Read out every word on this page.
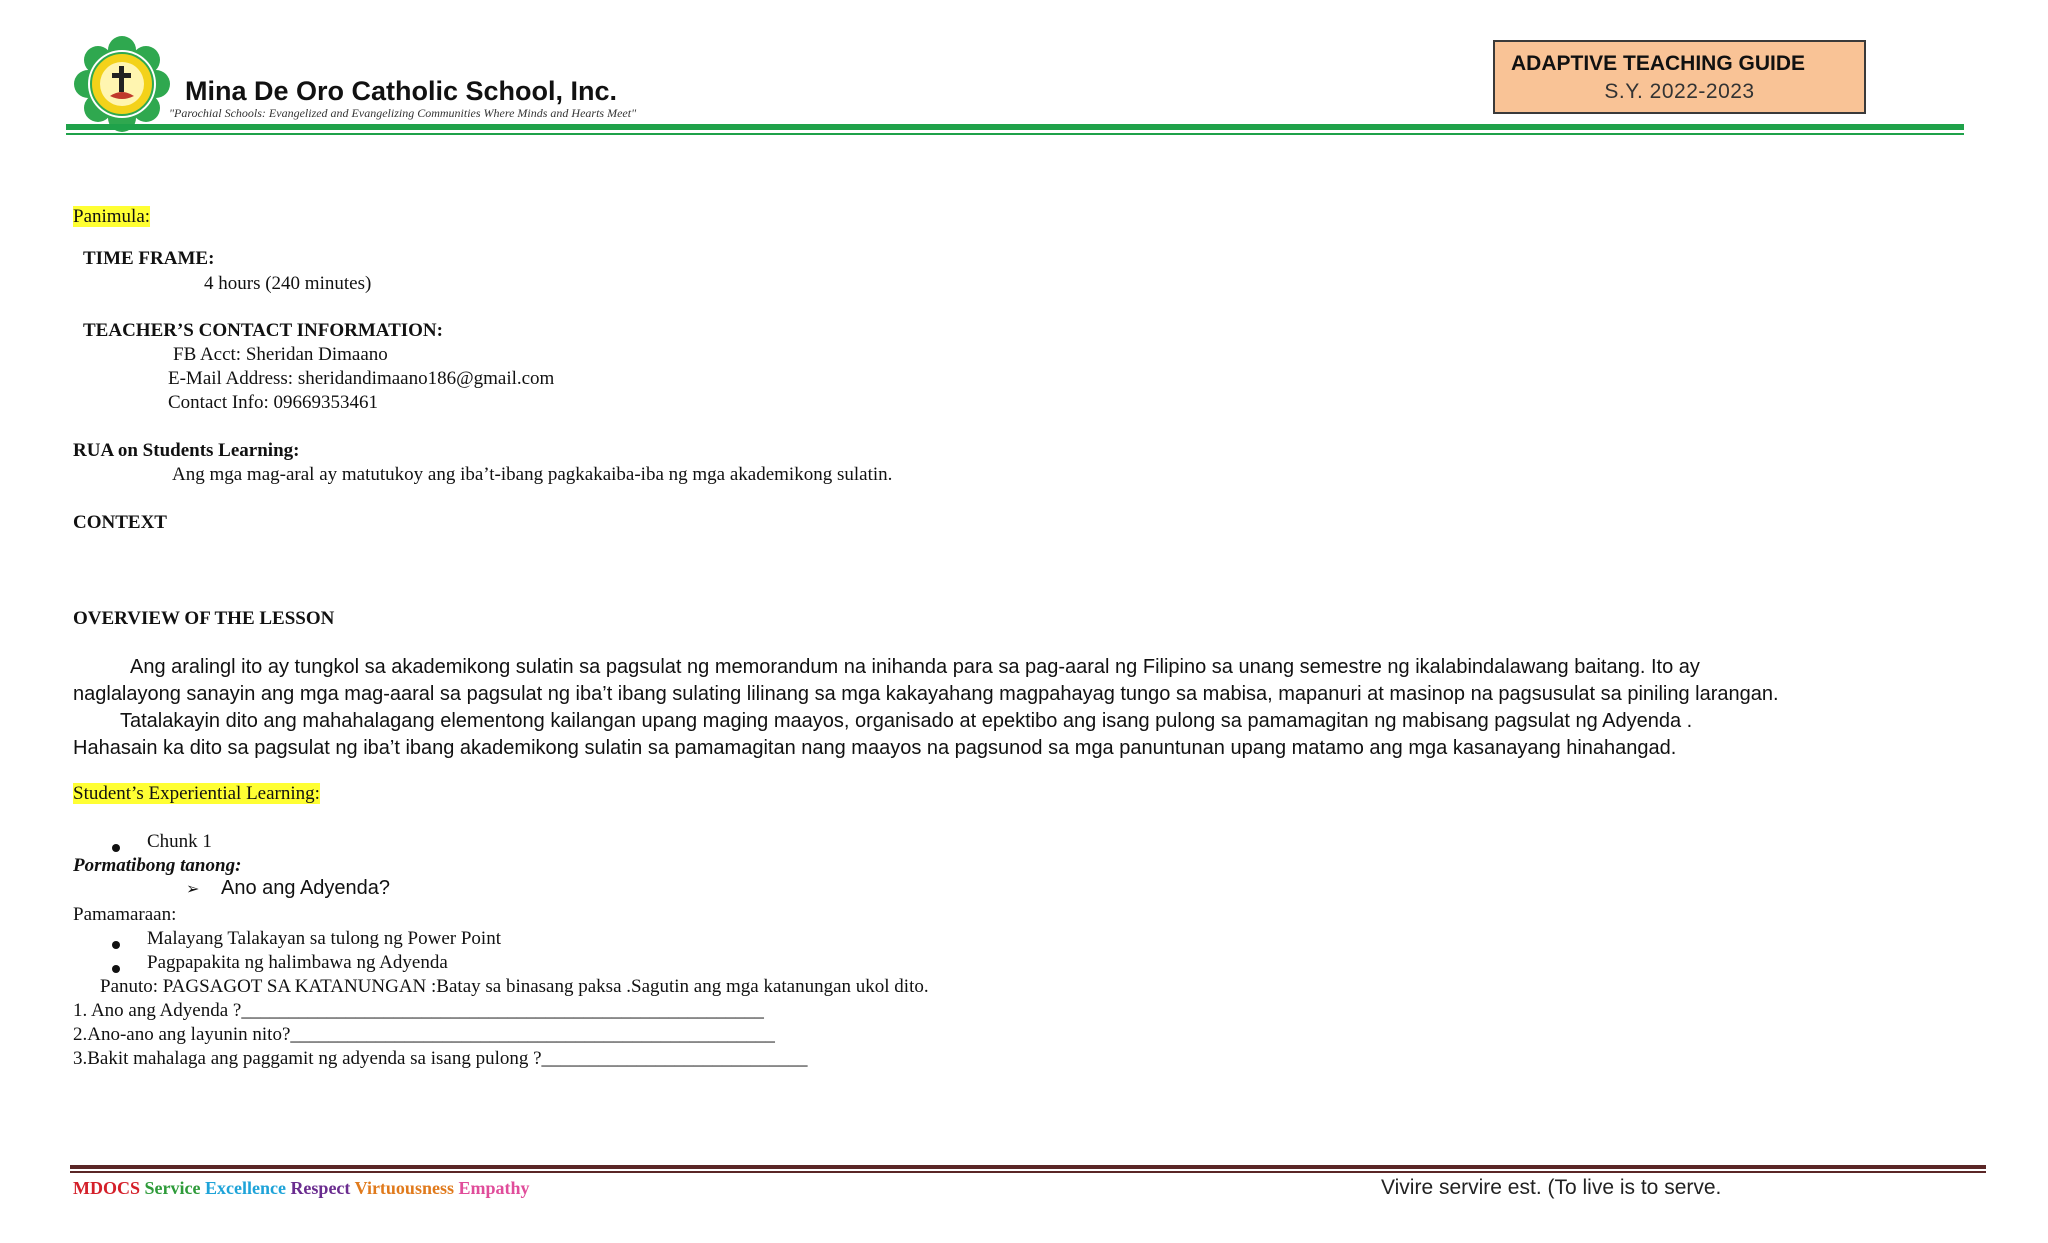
Mina De Oro Catholic School, Inc.
"Parochial Schools: Evangelized and Evangelizing Communities Where Minds and Hearts Meet"
ADAPTIVE TEACHING GUIDE
S.Y. 2022-2023
Panimula:
TIME FRAME:
4 hours (240 minutes)
TEACHER’S CONTACT INFORMATION:
FB Acct: Sheridan Dimaano
E-Mail Address: sheridandimaano186@gmail.com
Contact Info: 09669353461
RUA on Students Learning:
Ang mga mag-aral ay matutukoy ang iba’t-ibang pagkakaiba-iba ng mga akademikong sulatin.
CONTEXT
OVERVIEW OF THE LESSON
Ang aralingl ito ay tungkol sa akademikong sulatin sa pagsulat ng memorandum na inihanda para sa pag-aaral ng Filipino sa unang semestre ng ikalabindalawang baitang. Ito ay
naglalayong sanayin ang mga mag-aaral sa pagsulat ng iba’t ibang sulating lilinang sa mga kakayahang magpahayag tungo sa mabisa, mapanuri at masinop na pagsusulat sa piniling larangan.
Tatalakayin dito ang mahahalagang elementong kailangan upang maging maayos, organisado at epektibo ang isang pulong sa pamamagitan ng mabisang pagsulat ng Adyenda .
Hahasain ka dito sa pagsulat ng iba’t ibang akademikong sulatin sa pamamagitan nang maayos na pagsunod sa mga panuntunan upang matamo ang mga kasanayang hinahangad.
Student’s Experiential Learning:
Chunk 1
Pormatibong tanong:
➢ Ano ang Adyenda?
Pamamaraan:
Malayang Talakayan sa tulong ng Power Point
Pagpapakita ng halimbawa ng Adyenda
Panuto: PAGSAGOT SA KATANUNGAN :Batay sa binasang paksa .Sagutin ang mga katanungan ukol dito.
1. Ano ang Adyenda ?_______________________________________________________
2.Ano-ano ang layunin nito?___________________________________________________
3.Bakit mahalaga ang paggamit ng adyenda sa isang pulong ?____________________________
MDOCS Service Excellence Respect Virtuousness Empathy	Vivire servire est. (To live is to serve.
